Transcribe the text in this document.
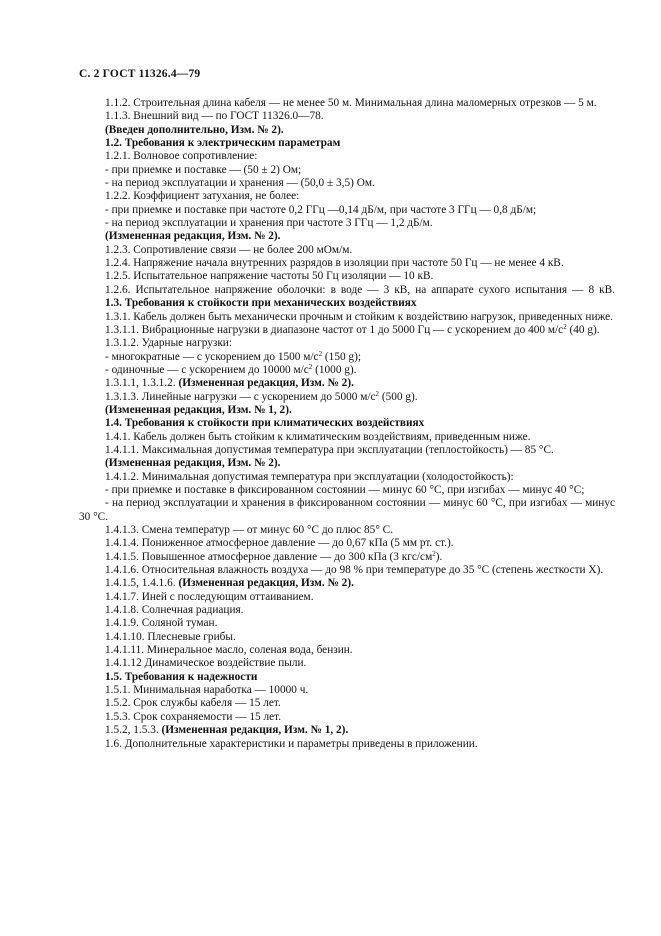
С. 2 ГОСТ 11326.4—79

1.1.2. Строительная длина кабеля — не менее 50 м. Минимальная длина маломерных отрезков — 5 м.

1.1.3. Внешний вид — по ГОСТ 11326.0—78.

(Введен дополнительно, Изм. № 2).

1.2. Требования к электрическим параметрам

1.2.1. Волновое сопротивление:

- при приемке и поставке — (50 ± 2) Ом;

- на период эксплуатации и хранения — (50,0 ± 3,5) Ом.

1.2.2. Коэффициент затухания, не более:

- при приемке и поставке при частоте 0,2 ГГц —0,14 дБ/м, при частоте 3 ГГц — 0,8 дБ/м;

- на период эксплуатации и хранения при частоте 3 ГГц — 1,2 дБ/м.

(Измененная редакция, Изм. № 2).

1.2.3. Сопротивление связи — не более 200 мОм/м.

1.2.4. Напряжение начала внутренних разрядов в изоляции при частоте 50 Гц — не менее 4 кВ.

1.2.5. Испытательное напряжение частоты 50 Гц изоляции — 10 кВ.

1.2.6. Испытательное напряжение оболочки: в воде — 3 кВ, на аппарате сухого испытания — 8 кВ.

1.3. Требования к стойкости при механических воздействиях

1.3.1. Кабель должен быть механически прочным и стойким к воздействию нагрузок, приведенных ниже.

1.3.1.1. Вибрационные нагрузки в диапазоне частот от 1 до 5000 Гц — с ускорением до 400 $м/с^2$ (40 g).

1.3.1.2. Ударные нагрузки:

- многократные — с ускорением до 1500 $м/с^2$ (150 g);

- одиночные — с ускорением до 10000 $м/с^2$ (1000 g).

1.3.1.1, 1.3.1.2. (Измененная редакция, Изм. № 2).

1.3.1.3. Линейные нагрузки — с ускорением до 5000 $м/с^2$ (500 g).

(Измененная редакция, Изм. № 1, 2).

1.4. Требования к стойкости при климатических воздействиях

1.4.1. Кабель должен быть стойким к климатическим воздействиям, приведенным ниже.

1.4.1.1. Максимальная допустимая температура при эксплуатации (теплостойкость) — 85 °С.

(Измененная редакция, Изм. № 2).

1.4.1.2. Минимальная допустимая температура при эксплуатации (холодостойкость):

- при приемке и поставке в фиксированном состоянии — минус 60 °С, при изгибах — минус 40 °С;

- на период эксплуатации и хранения в фиксированном состоянии — минус 60 °С, при изгибах — минус 30 °С.

1.4.1.3. Смена температур — от минус 60 °С до плюс 85° С.

1.4.1.4. Пониженное атмосферное давление — до 0,67 кПа (5 мм рт. ст.).

1.4.1.5. Повышенное атмосферное давление — до 300 кПа (3 кгс/$см^2$).

1.4.1.6. Относительная влажность воздуха — до 98 % при температуре до 35 °С (степень жесткости X).

1.4.1.5, 1.4.1.6. (Измененная редакция, Изм. № 2).

1.4.1.7. Иней с последующим оттаиванием.

1.4.1.8. Солнечная радиация.

1.4.1.9. Соляной туман.

1.4.1.10. Плесневые грибы.

1.4.1.11. Минеральное масло, соленая вода, бензин.

1.4.1.12 Динамическое воздействие пыли.

1.5. Требования к надежности

1.5.1. Минимальная наработка — 10000 ч.

1.5.2. Срок службы кабеля — 15 лет.

1.5.3. Срок сохраняемости — 15 лет.

1.5.2, 1.5.3. (Измененная редакция, Изм. № 1, 2).

1.6. Дополнительные характеристики и параметры приведены в приложении.
